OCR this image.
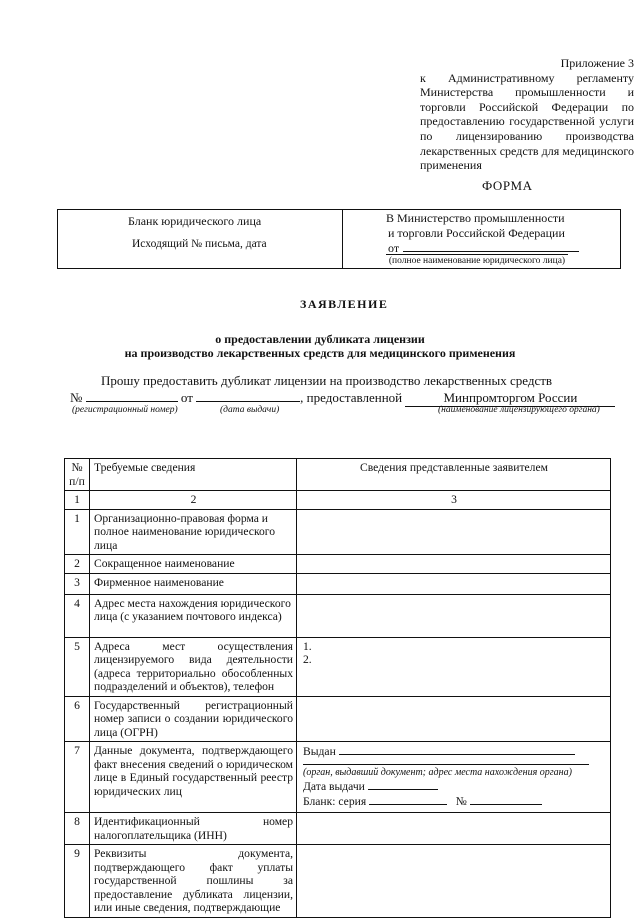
Приложение 3
к Административному регламенту Министерства промышленности и торговли Российской Федерации по предоставлению государственной услуги по лицензированию производства лекарственных средств для медицинского применения
ФОРМА
Бланк юридического лица
Исходящий № письма, дата
В Министерство промышленности
и торговли Российской Федерации
от
(полное наименование юридического лица)
ЗАЯВЛЕНИЕ
о предоставлении дубликата лицензии
на производство лекарственных средств для медицинского применения
Прошу предоставить дубликат лицензии на производство лекарственных средств
№	от	, предоставленной	Минпромторгом России
(регистрационный номер)	(дата выдачи)	(наименование лицензирующего органа)
№ п/п	Требуемые сведения	Сведения представленные заявителем
1	2	3
1	Организационно-правовая форма и полное наименование юридического лица	
2	Сокращенное наименование	
3	Фирменное наименование	
4	Адрес места нахождения юридического лица (с указанием почтового индекса)	
5	Адреса мест осуществления лицензируемого вида деятельности (адреса территориально обособленных подразделений и объектов), телефон	1.
2.

6	Государственный регистрационный номер записи о создании юридического лица (ОГРН)	
7	Данные документа, подтверждающего факт внесения сведений о юридическом лице в Единый государственный реестр юридических лиц	Выдан
(орган, выдавший документ; адрес места нахождения органа)
Дата выдачи
Бланк: серия №

8	Идентификационный номер налогоплательщика (ИНН)	
9	Реквизиты документа, подтверждающего факт уплаты государственной пошлины за предоставление дубликата лицензии, или иные сведения, подтверждающие	
